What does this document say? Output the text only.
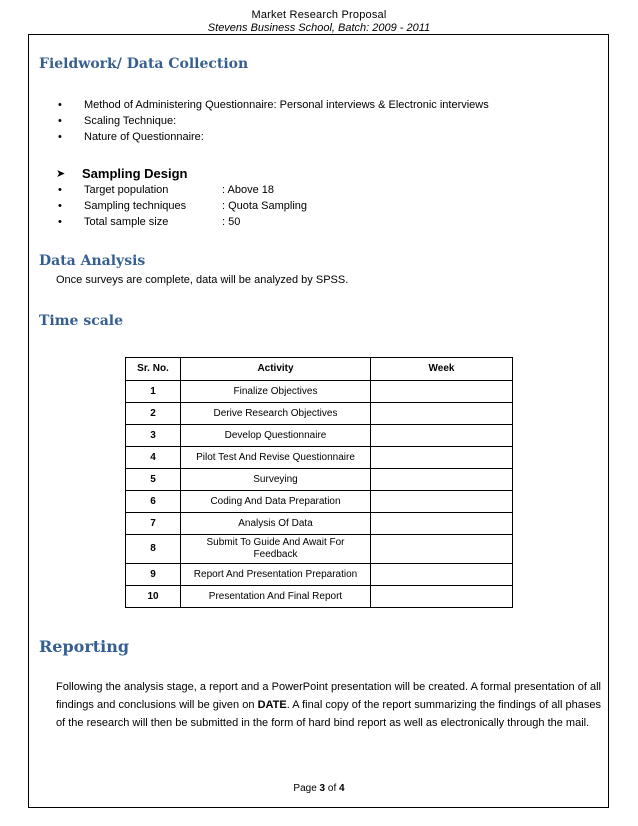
Market Research Proposal
Stevens Business School, Batch: 2009 - 2011
Fieldwork/ Data Collection
• Method of Administering Questionnaire: Personal interviews & Electronic interviews
• Scaling Technique:
• Nature of Questionnaire:
➤ Sampling Design
• Target population	: Above 18
• Sampling techniques	: Quota Sampling
• Total sample size	: 50
Data Analysis
Once surveys are complete, data will be analyzed by SPSS.
Time scale
Sr. No.	Activity	Week
1	Finalize Objectives	
2	Derive Research Objectives	
3	Develop Questionnaire	
4	Pilot Test And Revise Questionnaire	
5	Surveying	
6	Coding And Data Preparation	
7	Analysis Of Data	
8	Submit To Guide And Await For Feedback	
9	Report And Presentation Preparation	
10	Presentation And Final Report	
Reporting
Following the analysis stage, a report and a PowerPoint presentation will be created. A formal presentation of all findings and conclusions will be given on DATE. A final copy of the report summarizing the findings of all phases of the research will then be submitted in the form of hard bind report as well as electronically through the mail.
Page 3 of 4
